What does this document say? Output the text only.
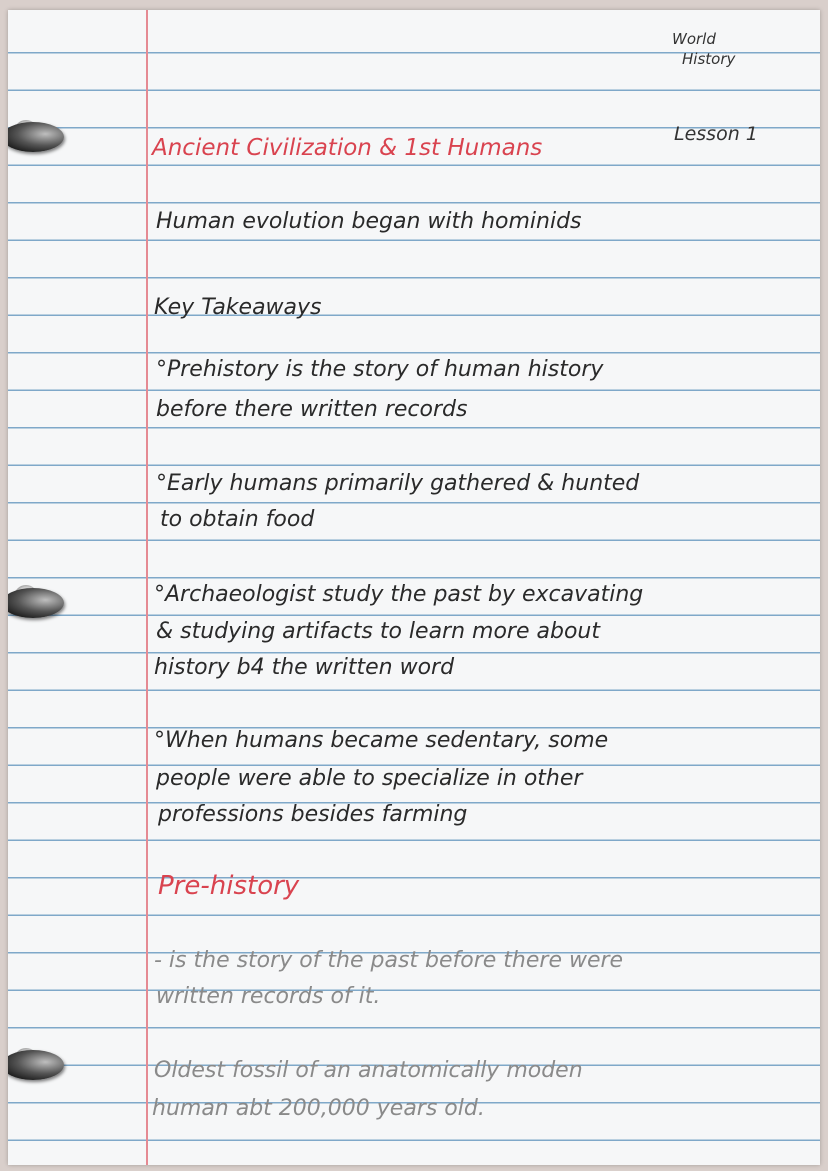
World

History

Lesson 1

Ancient Civilization & 1st Humans

Human evolution began with hominids

Key Takeaways

°Prehistory is the story of human history

before there written records

°Early humans primarily gathered & hunted

to obtain food

°Archaeologist study the past by excavating

& studying artifacts to learn more about

history b4 the written word

°When humans became sedentary, some

people were able to specialize in other

professions besides farming

Pre-history

- is the story of the past before there were

written records of it.

Oldest fossil of an anatomically moden

human abt 200,000 years old.
